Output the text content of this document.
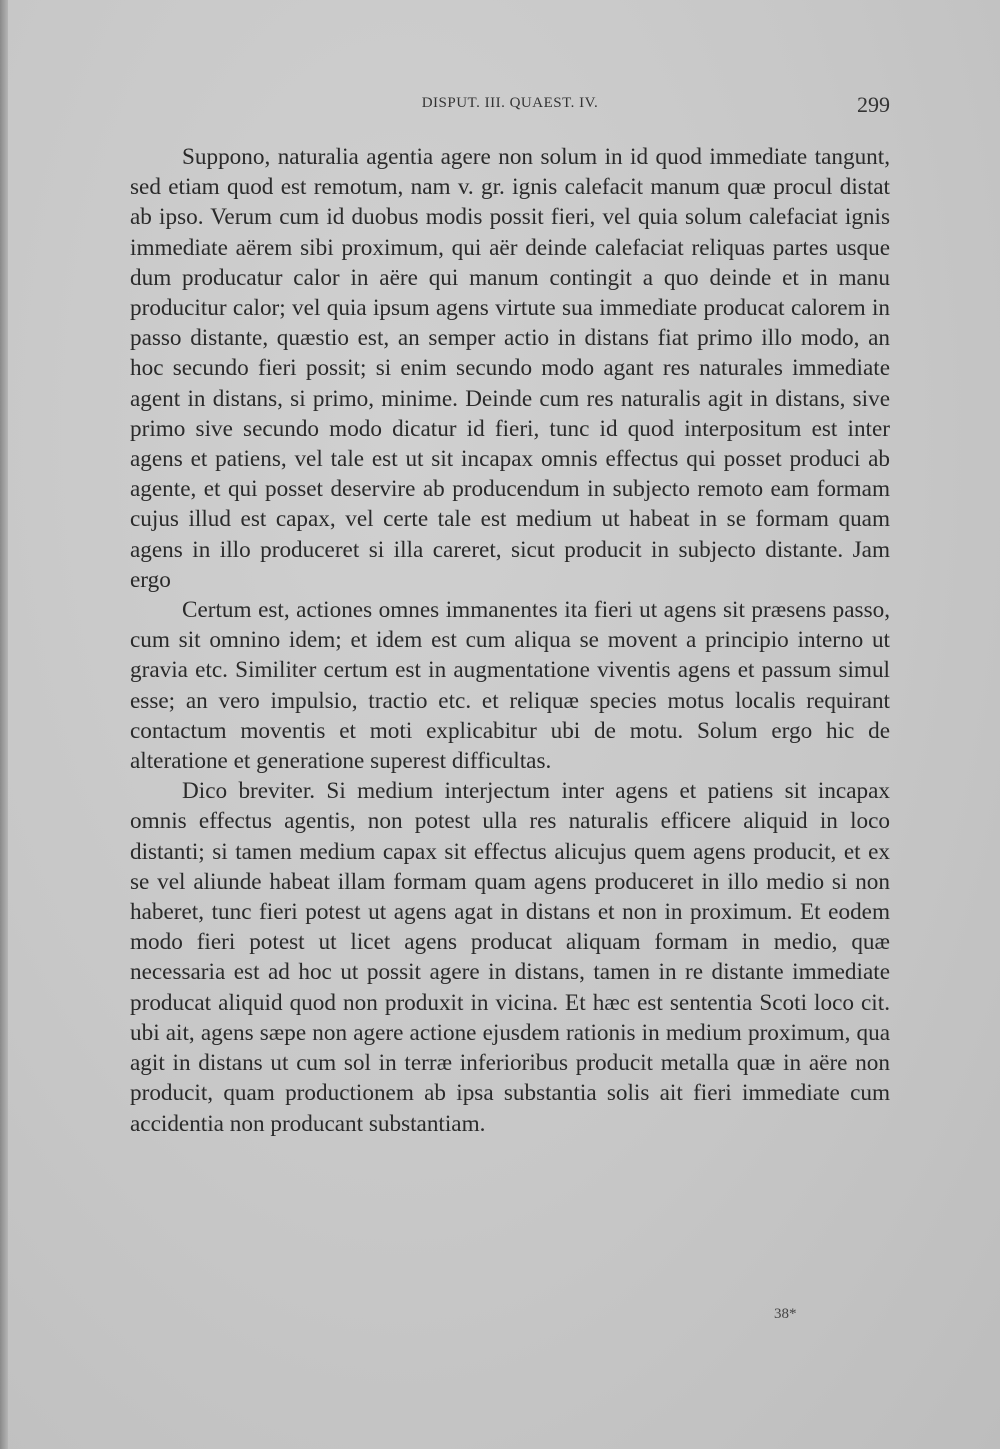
DISPUT. III. QUAEST. IV.	299

Suppono, naturalia agentia agere non solum in id quod immediate tangunt, sed etiam quod est remotum, nam v. gr. ignis calefacit manum quæ procul distat ab ipso. Verum cum id duobus modis possit fieri, vel quia solum calefaciat ignis immediate aërem sibi proximum, qui aër deinde calefaciat reliquas partes usque dum producatur calor in aëre qui manum contingit a quo deinde et in manu producitur calor; vel quia ipsum agens virtute sua immediate producat calorem in passo distante, quæstio est, an semper actio in distans fiat primo illo modo, an hoc secundo fieri possit; si enim secundo modo agant res naturales immediate agent in distans, si primo, minime. Deinde cum res naturalis agit in distans, sive primo sive secundo modo dicatur id fieri, tunc id quod interpositum est inter agens et patiens, vel tale est ut sit incapax omnis effectus qui posset produci ab agente, et qui posset deservire ab producendum in subjecto remoto eam formam cujus illud est capax, vel certe tale est medium ut habeat in se formam quam agens in illo produceret si illa careret, sicut producit in subjecto distante. Jam ergo

Certum est, actiones omnes immanentes ita fieri ut agens sit præsens passo, cum sit omnino idem; et idem est cum aliqua se movent a principio interno ut gravia etc. Similiter certum est in augmentatione viventis agens et passum simul esse; an vero impulsio, tractio etc. et reliquæ species motus localis requirant contactum moventis et moti explicabitur ubi de motu. Solum ergo hic de alteratione et generatione superest difficultas.

Dico breviter. Si medium interjectum inter agens et patiens sit incapax omnis effectus agentis, non potest ulla res naturalis efficere aliquid in loco distanti; si tamen medium capax sit effectus alicujus quem agens producit, et ex se vel aliunde habeat illam formam quam agens produceret in illo medio si non haberet, tunc fieri potest ut agens agat in distans et non in proximum. Et eodem modo fieri potest ut licet agens producat aliquam formam in medio, quæ necessaria est ad hoc ut possit agere in distans, tamen in re distante immediate producat aliquid quod non produxit in vicina. Et hæc est sententia Scoti loco cit. ubi ait, agens sæpe non agere actione ejusdem rationis in medium proximum, qua agit in distans ut cum sol in terræ inferioribus producit metalla quæ in aëre non producit, quam productionem ab ipsa substantia solis ait fieri immediate cum accidentia non producant substantiam.

38*
